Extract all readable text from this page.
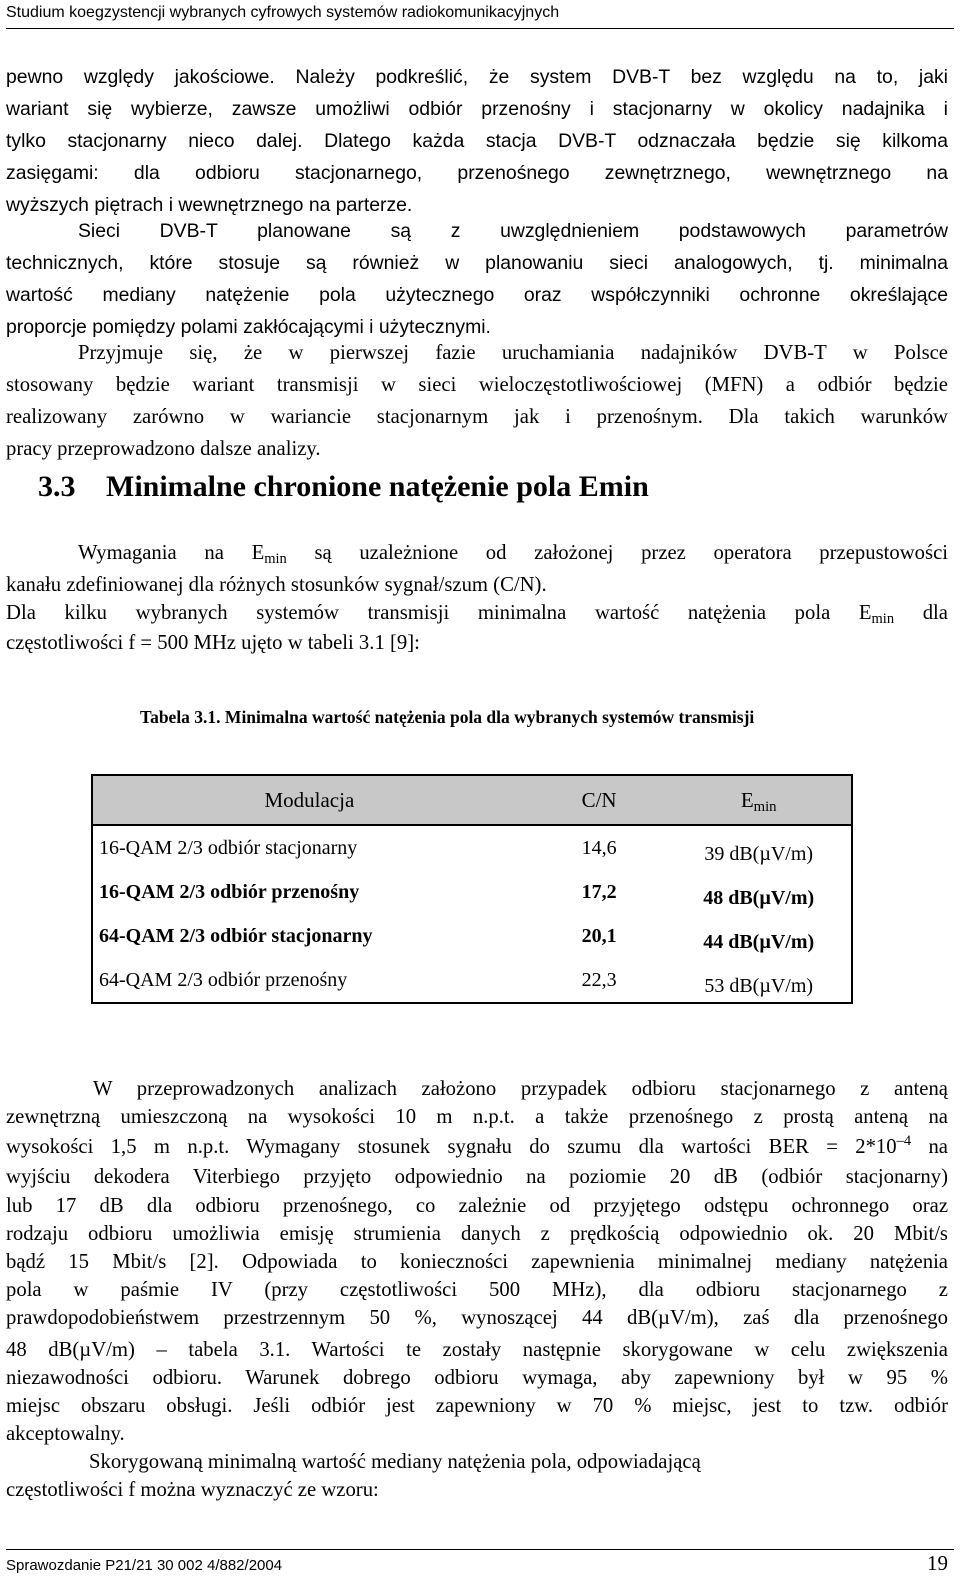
Studium koegzystencji wybranych cyfrowych systemów radiokomunikacyjnych
pewno względy jakościowe. Należy podkreślić, że system DVB-T bez względu na to, jaki
wariant się wybierze, zawsze umożliwi odbiór przenośny i stacjonarny w okolicy nadajnika i
tylko stacjonarny nieco dalej. Dlatego każda stacja DVB-T odznaczała będzie się kilkoma
zasięgami: dla odbioru stacjonarnego, przenośnego zewnętrznego, wewnętrznego na
wyższych piętrach i wewnętrznego na parterze.
Sieci DVB-T planowane są z uwzględnieniem podstawowych parametrów
technicznych, które stosuje są również w planowaniu sieci analogowych, tj. minimalna
wartość mediany natężenie pola użytecznego oraz współczynniki ochronne określające
proporcje pomiędzy polami zakłócającymi i użytecznymi.
Przyjmuje się, że w pierwszej fazie uruchamiania nadajników DVB-T w Polsce
stosowany będzie wariant transmisji w sieci wieloczęstotliwościowej (MFN) a odbiór będzie
realizowany zarówno w wariancie stacjonarnym jak i przenośnym. Dla takich warunków
pracy przeprowadzono dalsze analizy.
3.3 Minimalne chronione natężenie pola Emin
Wymagania na $E_{min}$ są uzależnione od założonej przez operatora przepustowości
kanału zdefiniowanej dla różnych stosunków sygnał/szum (C/N).
Dla kilku wybranych systemów transmisji minimalna wartość natężenia pola $E_{min}$ dla
częstotliwości f = 500 MHz ujęto w tabeli 3.1 [9]:
Tabela 3.1. Minimalna wartość natężenia pola dla wybranych systemów transmisji
Modulacja	C/N	$E_{min}$
16-QAM 2/3 odbiór stacjonarny	14,6	39 dB(µV/m)
16-QAM 2/3 odbiór przenośny	17,2	48 dB(µV/m)
64-QAM 2/3 odbiór stacjonarny	20,1	44 dB(µV/m)
64-QAM 2/3 odbiór przenośny	22,3	53 dB(µV/m)
W przeprowadzonych analizach założono przypadek odbioru stacjonarnego z anteną
zewnętrzną umieszczoną na wysokości 10 m n.p.t. a także przenośnego z prostą anteną na
wysokości 1,5 m n.p.t. Wymagany stosunek sygnału do szumu dla wartości BER = $2*10^{-4}$ na
wyjściu dekodera Viterbiego przyjęto odpowiednio na poziomie 20 dB (odbiór stacjonarny)
lub 17 dB dla odbioru przenośnego, co zależnie od przyjętego odstępu ochronnego oraz
rodzaju odbioru umożliwia emisję strumienia danych z prędkością odpowiednio ok. 20 Mbit/s
bądź 15 Mbit/s [2]. Odpowiada to konieczności zapewnienia minimalnej mediany natężenia
pola w paśmie IV (przy częstotliwości 500 MHz), dla odbioru stacjonarnego z
prawdopodobieństwem przestrzennym 50 %, wynoszącej 44 dB(µV/m), zaś dla przenośnego
48 dB(µV/m) – tabela 3.1. Wartości te zostały następnie skorygowane w celu zwiększenia
niezawodności odbioru. Warunek dobrego odbioru wymaga, aby zapewniony był w 95 %
miejsc obszaru obsługi. Jeśli odbiór jest zapewniony w 70 % miejsc, jest to tzw. odbiór
akceptowalny.
Skorygowaną minimalną wartość mediany natężenia pola, odpowiadającą
częstotliwości f można wyznaczyć ze wzoru:
Sprawozdanie P21/21 30 002 4/882/2004	19
